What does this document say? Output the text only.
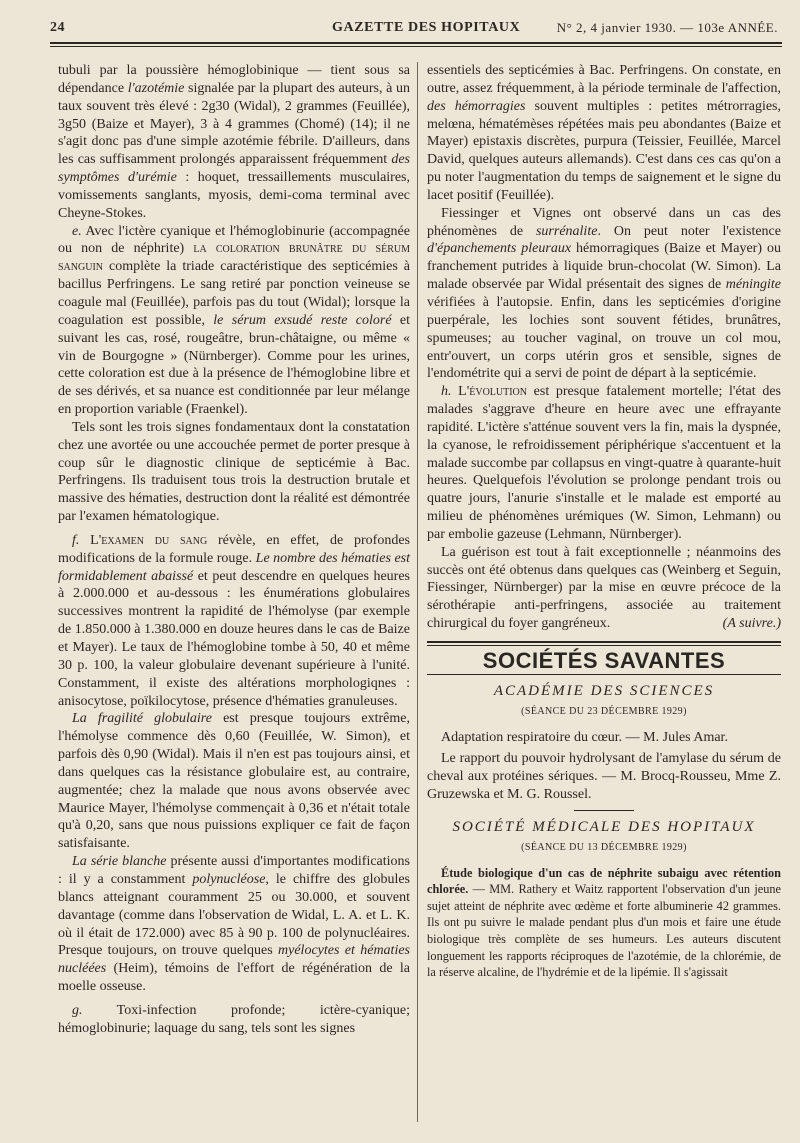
24	GAZETTE DES HOPITAUX	N° 2, 4 janvier 1930. — 103e ANNÉE.

tubuli par la poussière hémoglobinique — tient sous sa dépendance l'azotémie signalée par la plupart des auteurs, à un taux souvent très élevé : 2g30 (Widal), 2 grammes (Feuillée), 3g50 (Baize et Mayer), 3 à 4 grammes (Chomé) (14); il ne s'agit donc pas d'une simple azotémie fébrile. D'ailleurs, dans les cas suffisamment prolongés apparaissent fréquemment des symptômes d'urémie : hoquet, tressaillements musculaires, vomissements sanglants, myosis, demi-coma terminal avec Cheyne-Stokes.

e. Avec l'ictère cyanique et l'hémoglobinurie (accompagnée ou non de néphrite) la coloration brunâtre du sérum sanguin complète la triade caractéristique des septicémies à bacillus Perfringens. Le sang retiré par ponction veineuse se coagule mal (Feuillée), parfois pas du tout (Widal); lorsque la coagulation est possible, le sérum exsudé reste coloré et suivant les cas, rosé, rougeâtre, brun-châtaigne, ou même « vin de Bourgogne » (Nürnberger). Comme pour les urines, cette coloration est due à la présence de l'hémoglobine libre et de ses dérivés, et sa nuance est conditionnée par leur mélange en proportion variable (Fraenkel).

Tels sont les trois signes fondamentaux dont la constatation chez une avortée ou une accouchée permet de porter presque à coup sûr le diagnostic clinique de septicémie à Bac. Perfringens. Ils traduisent tous trois la destruction brutale et massive des hématies, destruction dont la réalité est démontrée par l'examen hématologique.

f. L'examen du sang révèle, en effet, de profondes modifications de la formule rouge. Le nombre des hématies est formidablement abaissé et peut descendre en quelques heures à 2.000.000 et au-dessous : les énumérations globulaires successives montrent la rapidité de l'hémolyse (par exemple de 1.850.000 à 1.380.000 en douze heures dans le cas de Baize et Mayer). Le taux de l'hémoglobine tombe à 50, 40 et même 30 p. 100, la valeur globulaire devenant supérieure à l'unité. Constamment, il existe des altérations morphologiqnes : anisocytose, poïkilocytose, présence d'hématies granuleuses.

La fragilité globulaire est presque toujours extrême, l'hémolyse commence dès 0,60 (Feuillée, W. Simon), et parfois dès 0,90 (Widal). Mais il n'en est pas toujours ainsi, et dans quelques cas la résistance globulaire est, au contraire, augmentée; chez la malade que nous avons observée avec Maurice Mayer, l'hémolyse commençait à 0,36 et n'était totale qu'à 0,20, sans que nous puissions expliquer ce fait de façon satisfaisante.

La série blanche présente aussi d'importantes modifications : il y a constamment polynucléose, le chiffre des globules blancs atteignant couramment 25 ou 30.000, et souvent davantage (comme dans l'observation de Widal, L. A. et L. K. où il était de 172.000) avec 85 à 90 p. 100 de polynucléaires. Presque toujours, on trouve quelques myélocytes et hématies nucléées (Heim), témoins de l'effort de régénération de la moelle osseuse.

g. Toxi-infection profonde; ictère-cyanique; hémoglobinurie; laquage du sang, tels sont les signes

essentiels des septicémies à Bac. Perfringens. On constate, en outre, assez fréquemment, à la période terminale de l'affection, des hémorragies souvent multiples : petites métrorragies, melœna, hématémèses répétées mais peu abondantes (Baize et Mayer) epistaxis discrètes, purpura (Teissier, Feuillée, Marcel David, quelques auteurs allemands). C'est dans ces cas qu'on a pu noter l'augmentation du temps de saignement et le signe du lacet positif (Feuillée).

Fiessinger et Vignes ont observé dans un cas des phénomènes de surrénalite. On peut noter l'existence d'épanchements pleuraux hémorragiques (Baize et Mayer) ou franchement putrides à liquide brun-chocolat (W. Simon). La malade observée par Widal présentait des signes de méningite vérifiées à l'autopsie. Enfin, dans les septicémies d'origine puerpérale, les lochies sont souvent fétides, brunâtres, spumeuses; au toucher vaginal, on trouve un col mou, entr'ouvert, un corps utérin gros et sensible, signes de l'endométrite qui a servi de point de départ à la septicémie.

h. L'évolution est presque fatalement mortelle; l'état des malades s'aggrave d'heure en heure avec une effrayante rapidité. L'ictère s'atténue souvent vers la fin, mais la dyspnée, la cyanose, le refroidissement périphérique s'accentuent et la malade succombe par collapsus en vingt-quatre à quarante-huit heures. Quelquefois l'évolution se prolonge pendant trois ou quatre jours, l'anurie s'installe et le malade est emporté au milieu de phénomènes urémiques (W. Simon, Lehmann) ou par embolie gazeuse (Lehmann, Nürnberger).

La guérison est tout à fait exceptionnelle ; néanmoins des succès ont été obtenus dans quelques cas (Weinberg et Seguin, Fiessinger, Nürnberger) par la mise en œuvre précoce de la sérothérapie anti-perfringens, associée au traitement chirurgical du foyer gangréneux.	(A suivre.)

SOCIÉTÉS SAVANTES
ACADÉMIE DES SCIENCES
(SÉANCE DU 23 DÉCEMBRE 1929)

Adaptation respiratoire du cœur. — M. Jules Amar.

Le rapport du pouvoir hydrolysant de l'amylase du sérum de cheval aux protéines sériques. — M. Brocq-Rousseu, Mme Z. Gruzewska et M. G. Roussel.

SOCIÉTÉ MÉDICALE DES HOPITAUX
(SÉANCE DU 13 DÉCEMBRE 1929)

Étude biologique d'un cas de néphrite subaigu avec rétention chlorée. — MM. Rathery et Waitz rapportent l'observation d'un jeune sujet atteint de néphrite avec œdème et forte albuminerie 42 grammes. Ils ont pu suivre le malade pendant plus d'un mois et faire une étude biologique très complète de ses humeurs. Les auteurs discutent longuement les rapports réciproques de l'azotémie, de la chlorémie, de la réserve alcaline, de l'hydrémie et de la lipémie. Il s'agissait
